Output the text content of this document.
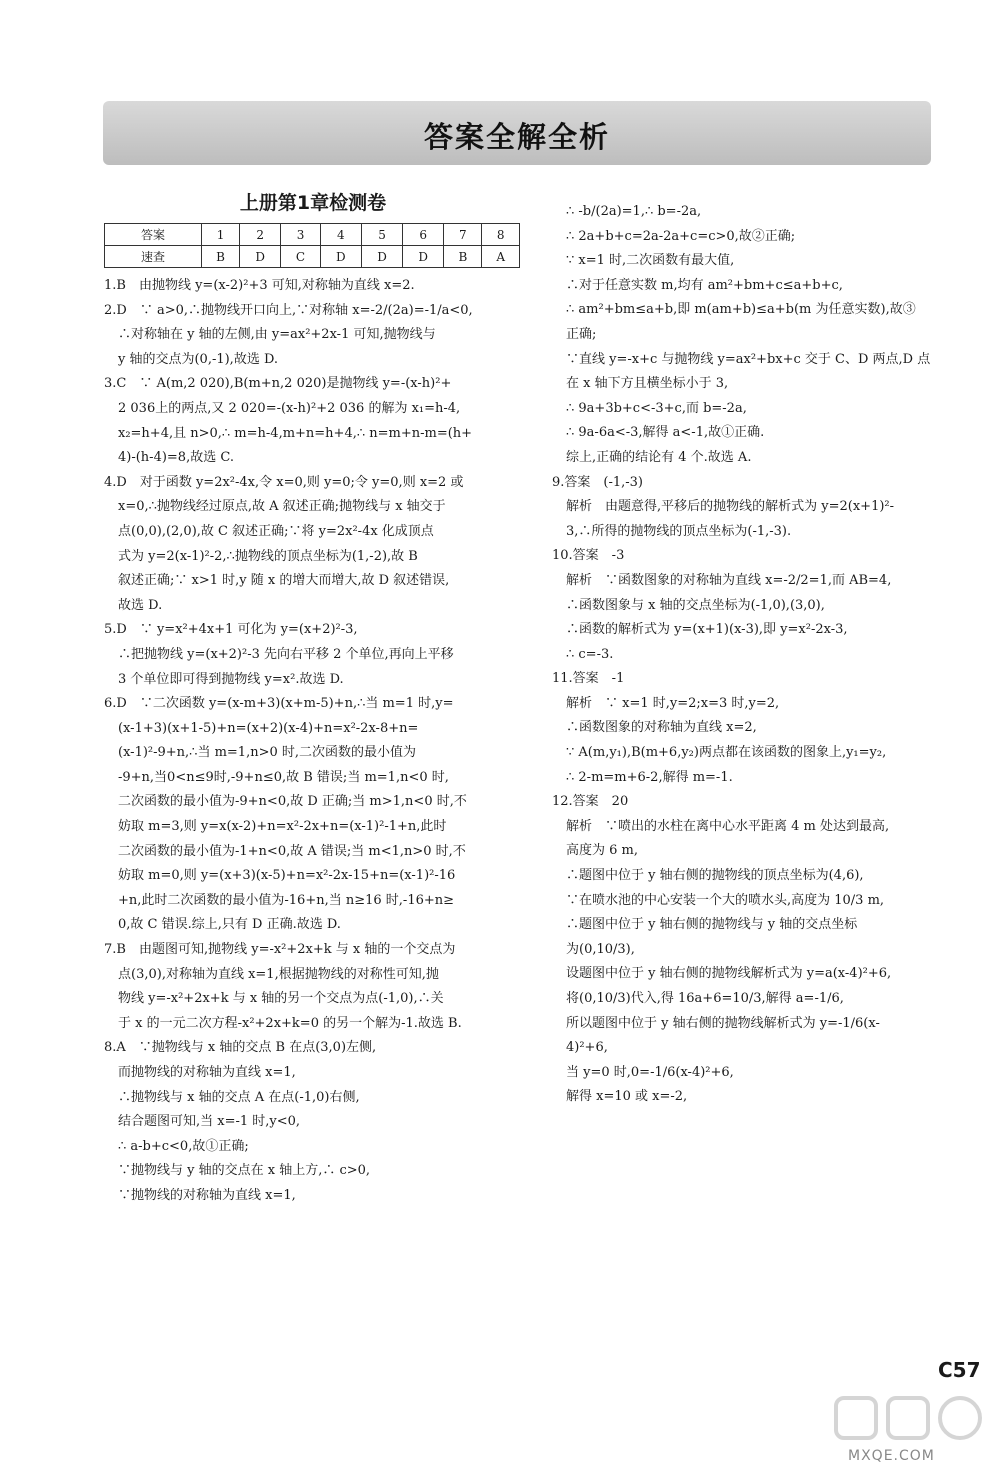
答案全解全析
上册第1章检测卷
答案	1	2	3	4	5	6	7	8
速查	B	D	C	D	D	D	B	A
1.B　由抛物线 y=(x-2)²+3 可知,对称轴为直线 x=2.
2.D　∵ a>0,∴抛物线开口向上,∵对称轴 x=-2/(2a)=-1/a<0,
∴对称轴在 y 轴的左侧,由 y=ax²+2x-1 可知,抛物线与
y 轴的交点为(0,-1),故选 D.
3.C　∵ A(m,2 020),B(m+n,2 020)是抛物线 y=-(x-h)²+
2 036上的两点,又 2 020=-(x-h)²+2 036 的解为 x₁=h-4,
x₂=h+4,且 n>0,∴ m=h-4,m+n=h+4,∴ n=m+n-m=(h+
4)-(h-4)=8,故选 C.
4.D　对于函数 y=2x²-4x,令 x=0,则 y=0;令 y=0,则 x=2 或
x=0,∴抛物线经过原点,故 A 叙述正确;抛物线与 x 轴交于
点(0,0),(2,0),故 C 叙述正确;∵将 y=2x²-4x 化成顶点
式为 y=2(x-1)²-2,∴抛物线的顶点坐标为(1,-2),故 B
叙述正确;∵ x>1 时,y 随 x 的增大而增大,故 D 叙述错误,
故选 D.
5.D　∵ y=x²+4x+1 可化为 y=(x+2)²-3,
∴把抛物线 y=(x+2)²-3 先向右平移 2 个单位,再向上平移
3 个单位即可得到抛物线 y=x².故选 D.
6.D　∵二次函数 y=(x-m+3)(x+m-5)+n,∴当 m=1 时,y=
(x-1+3)(x+1-5)+n=(x+2)(x-4)+n=x²-2x-8+n=
(x-1)²-9+n,∴当 m=1,n>0 时,二次函数的最小值为
-9+n,当0<n≤9时,-9+n≤0,故 B 错误;当 m=1,n<0 时,
二次函数的最小值为-9+n<0,故 D 正确;当 m>1,n<0 时,不
妨取 m=3,则 y=x(x-2)+n=x²-2x+n=(x-1)²-1+n,此时
二次函数的最小值为-1+n<0,故 A 错误;当 m<1,n>0 时,不
妨取 m=0,则 y=(x+3)(x-5)+n=x²-2x-15+n=(x-1)²-16
+n,此时二次函数的最小值为-16+n,当 n≥16 时,-16+n≥
0,故 C 错误.综上,只有 D 正确.故选 D.
7.B　由题图可知,抛物线 y=-x²+2x+k 与 x 轴的一个交点为
点(3,0),对称轴为直线 x=1,根据抛物线的对称性可知,抛
物线 y=-x²+2x+k 与 x 轴的另一个交点为点(-1,0),∴关
于 x 的一元二次方程-x²+2x+k=0 的另一个解为-1.故选 B.
8.A　∵抛物线与 x 轴的交点 B 在点(3,0)左侧,
而抛物线的对称轴为直线 x=1,
∴抛物线与 x 轴的交点 A 在点(-1,0)右侧,
结合题图可知,当 x=-1 时,y<0,
∴ a-b+c<0,故①正确;
∵抛物线与 y 轴的交点在 x 轴上方,∴ c>0,
∵抛物线的对称轴为直线 x=1,
∴ -b/(2a)=1,∴ b=-2a,
∴ 2a+b+c=2a-2a+c=c>0,故②正确;
∵ x=1 时,二次函数有最大值,
∴对于任意实数 m,均有 am²+bm+c≤a+b+c,
∴ am²+bm≤a+b,即 m(am+b)≤a+b(m 为任意实数),故③
正确;
∵直线 y=-x+c 与抛物线 y=ax²+bx+c 交于 C、D 两点,D 点
在 x 轴下方且横坐标小于 3,
∴ 9a+3b+c<-3+c,而 b=-2a,
∴ 9a-6a<-3,解得 a<-1,故①正确.
综上,正确的结论有 4 个.故选 A.
9.答案　(-1,-3)
解析　由题意得,平移后的抛物线的解析式为 y=2(x+1)²-
3,∴所得的抛物线的顶点坐标为(-1,-3).
10.答案　-3
解析　∵函数图象的对称轴为直线 x=-2/2=1,而 AB=4,
∴函数图象与 x 轴的交点坐标为(-1,0),(3,0),
∴函数的解析式为 y=(x+1)(x-3),即 y=x²-2x-3,
∴ c=-3.
11.答案　-1
解析　∵ x=1 时,y=2;x=3 时,y=2,
∴函数图象的对称轴为直线 x=2,
∵ A(m,y₁),B(m+6,y₂)两点都在该函数的图象上,y₁=y₂,
∴ 2-m=m+6-2,解得 m=-1.
12.答案　20
解析　∵喷出的水柱在离中心水平距离 4 m 处达到最高,
高度为 6 m,
∴题图中位于 y 轴右侧的抛物线的顶点坐标为(4,6),
∵在喷水池的中心安装一个大的喷水头,高度为 10/3 m,
∴题图中位于 y 轴右侧的抛物线与 y 轴的交点坐标
为(0,10/3),
设题图中位于 y 轴右侧的抛物线解析式为 y=a(x-4)²+6,
将(0,10/3)代入,得 16a+6=10/3,解得 a=-1/6,
所以题图中位于 y 轴右侧的抛物线解析式为 y=-1/6(x-
4)²+6,
当 y=0 时,0=-1/6(x-4)²+6,
解得 x=10 或 x=-2,
C57
MXQE.COM
